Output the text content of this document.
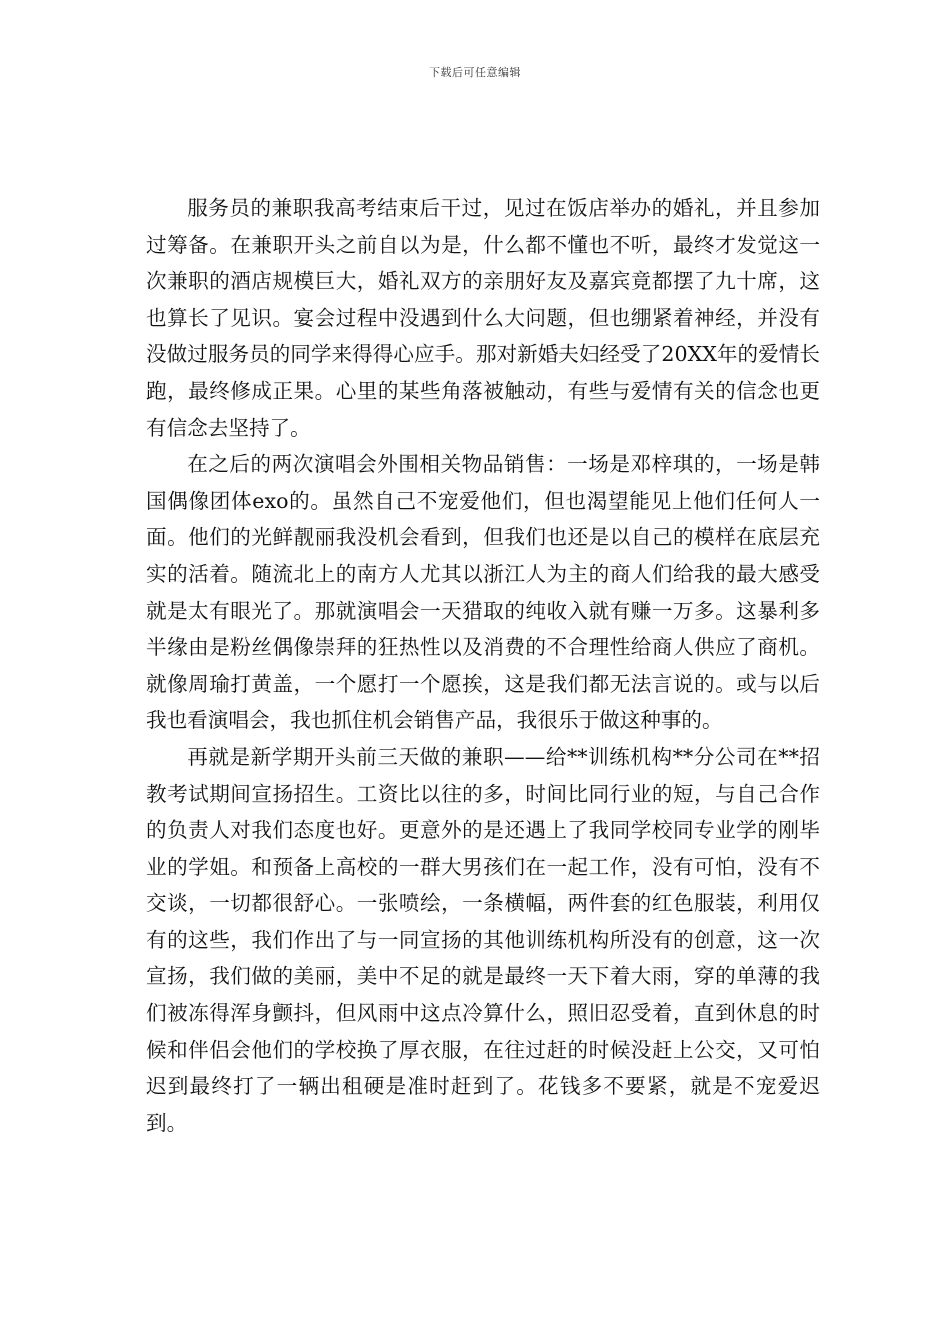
下载后可任意编辑

服务员的兼职我高考结束后干过，见过在饭店举办的婚礼，并且参加过筹备。在兼职开头之前自以为是，什么都不懂也不听，最终才发觉这一次兼职的酒店规模巨大，婚礼双方的亲朋好友及嘉宾竟都摆了九十席，这也算长了见识。宴会过程中没遇到什么大问题，但也绷紧着神经，并没有没做过服务员的同学来得得心应手。那对新婚夫妇经受了20XX年的爱情长跑，最终修成正果。心里的某些角落被触动，有些与爱情有关的信念也更有信念去坚持了。

在之后的两次演唱会外围相关物品销售：一场是邓梓琪的，一场是韩国偶像团体exo的。虽然自己不宠爱他们，但也渴望能见上他们任何人一面。他们的光鲜靓丽我没机会看到，但我们也还是以自己的模样在底层充实的活着。随流北上的南方人尤其以浙江人为主的商人们给我的最大感受就是太有眼光了。那就演唱会一天猎取的纯收入就有赚一万多。这暴利多半缘由是粉丝偶像崇拜的狂热性以及消费的不合理性给商人供应了商机。就像周瑜打黄盖，一个愿打一个愿挨，这是我们都无法言说的。或与以后我也看演唱会，我也抓住机会销售产品，我很乐于做这种事的。

再就是新学期开头前三天做的兼职——给**训练机构**分公司在**招教考试期间宣扬招生。工资比以往的多，时间比同行业的短，与自己合作的负责人对我们态度也好。更意外的是还遇上了我同学校同专业学的刚毕业的学姐。和预备上高校的一群大男孩们在一起工作，没有可怕，没有不交谈，一切都很舒心。一张喷绘，一条横幅，两件套的红色服装，利用仅有的这些，我们作出了与一同宣扬的其他训练机构所没有的创意，这一次宣扬，我们做的美丽，美中不足的就是最终一天下着大雨，穿的单薄的我们被冻得浑身颤抖，但风雨中这点冷算什么，照旧忍受着，直到休息的时候和伴侣会他们的学校换了厚衣服，在往过赶的时候没赶上公交，又可怕迟到最终打了一辆出租硬是准时赶到了。花钱多不要紧，就是不宠爱迟到。
